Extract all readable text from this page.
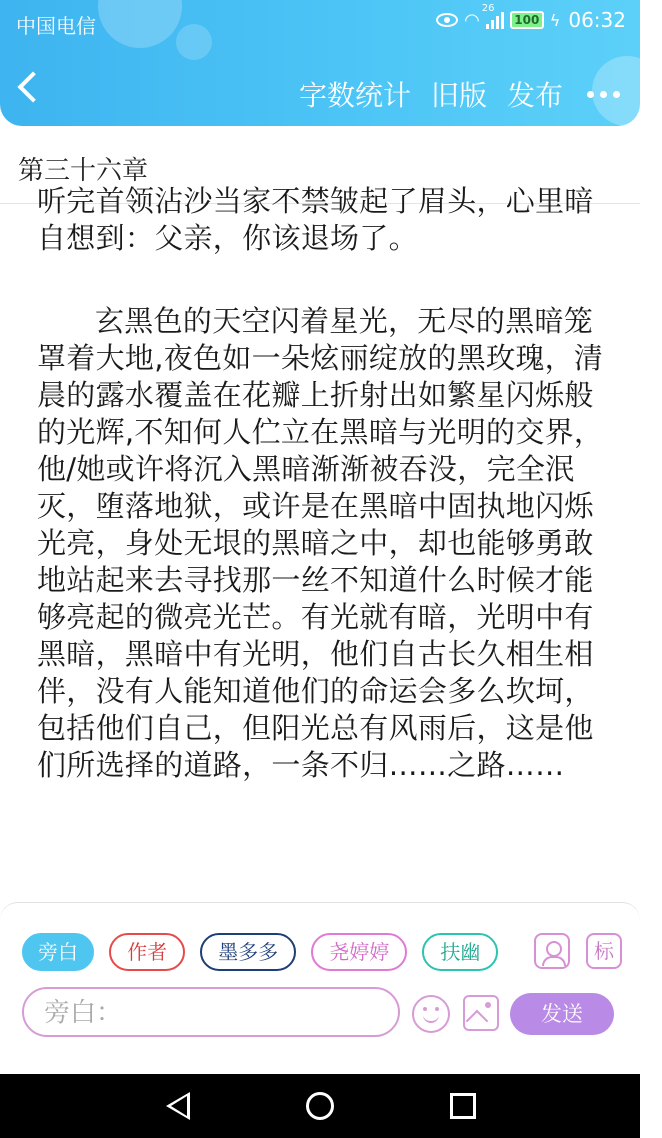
中国电信	◠
26
100 ϟ 06:32
字数统计 旧版 发布
第三十六章

听完首领沾沙当家不禁皱起了眉头，心里暗自想到：父亲，你该退场了。

玄黑色的天空闪着星光，无尽的黑暗笼罩着大地,夜色如一朵炫丽绽放的黑玫瑰，清晨的露水覆盖在花瓣上折射出如繁星闪烁般的光辉,不知何人伫立在黑暗与光明的交界，他/她或许将沉入黑暗渐渐被吞没，完全泯灭，堕落地狱，或许是在黑暗中固执地闪烁光亮，身处无垠的黑暗之中，却也能够勇敢地站起来去寻找那一丝不知道什么时候才能够亮起的微亮光芒。有光就有暗，光明中有黑暗，黑暗中有光明，他们自古长久相生相伴，没有人能知道他们的命运会多么坎坷，包括他们自己，但阳光总有风雨后，这是他们所选择的道路，一条不归……之路……

旁白 作者	墨多多	尧婷婷	扶幽	标
旁白：
发送
